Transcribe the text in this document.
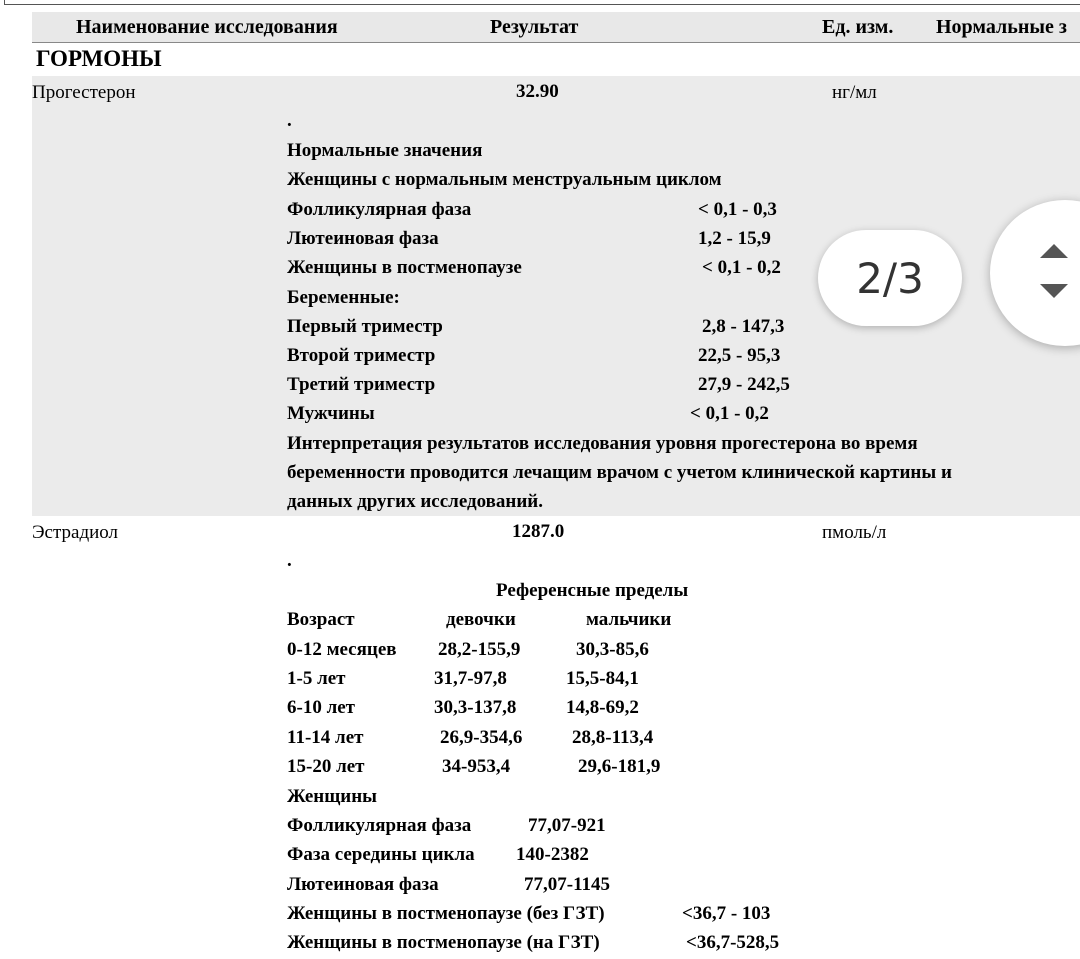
Наименование исследования	Результат	Ед. изм. Нормальные з
ГОРМОНЫ
Прогестерон	32.90	нг/мл
.
Нормальные значения
Женщины с нормальным менструальным циклом
Фолликулярная фаза	< 0,1 - 0,3
Лютеиновая фаза	1,2 - 15,9
Женщины в постменопаузе	< 0,1 - 0,2
Беременные:
Первый триместр	2,8 - 147,3
Второй триместр	22,5 - 95,3
Третий триместр	27,9 - 242,5
Мужчины	< 0,1 - 0,2
Интерпретация результатов исследования уровня прогестерона во время
беременности проводится лечащим врачом с учетом клинической картины и
данных других исследований.
Эстрадиол	1287.0	пмоль/л
.
Референсные пределы
Возраст	девочки	мальчики
0-12 месяцев 28,2-155,9	30,3-85,6
1-5 лет	31,7-97,8	15,5-84,1
6-10 лет	30,3-137,8	14,8-69,2
11-14 лет	26,9-354,6	28,8-113,4
15-20 лет	34-953,4	29,6-181,9
Женщины
Фолликулярная фаза	77,07-921
Фаза середины цикла 140-2382
Лютеиновая фаза	77,07-1145
Женщины в постменопаузе (без ГЗТ)	<36,7 - 103
Женщины в постменопаузе (на ГЗТ)	<36,7-528,5
2/3
